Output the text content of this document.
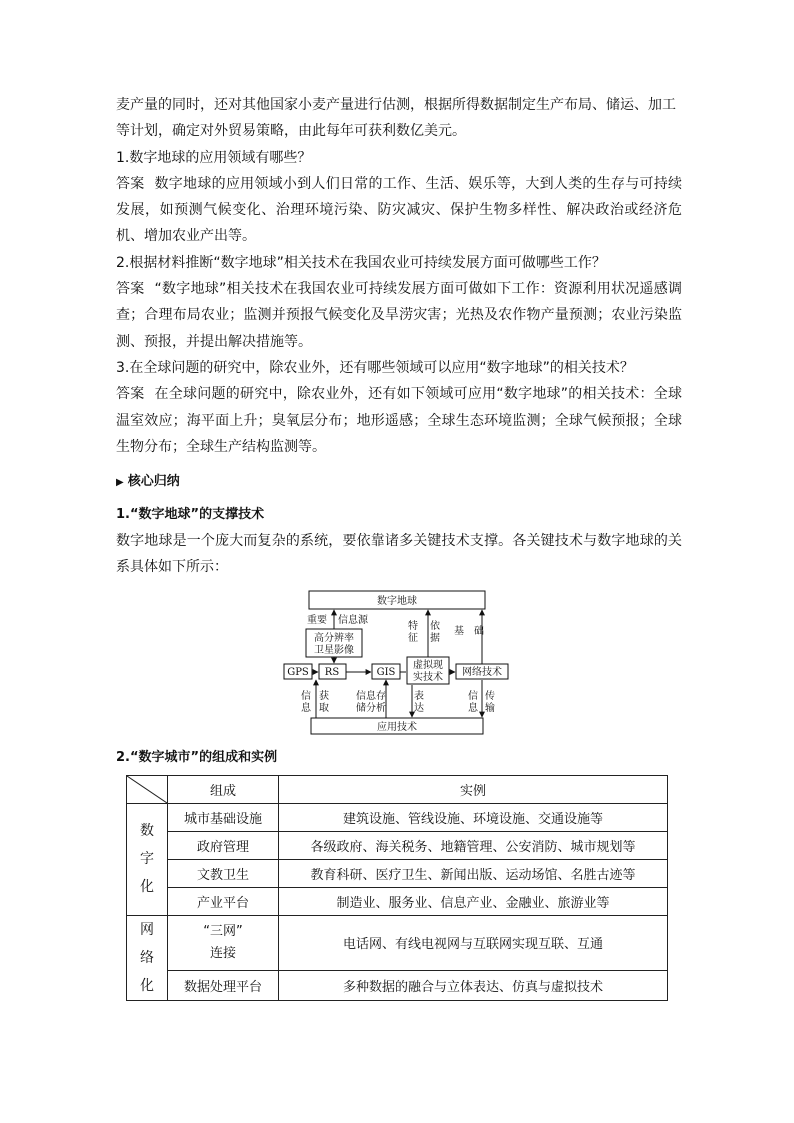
麦产量的同时，还对其他国家小麦产量进行估测，根据所得数据制定生产布局、储运、加工
等计划，确定对外贸易策略，由此每年可获利数亿美元。

1.数字地球的应用领域有哪些？

答案 数字地球的应用领域小到人们日常的工作、生活、娱乐等，大到人类的生存与可持续发展，如预测气候变化、治理环境污染、防灾减灾、保护生物多样性、解决政治或经济危机、增加农业产出等。

2.根据材料推断“数字地球”相关技术在我国农业可持续发展方面可做哪些工作？

答案 “数字地球”相关技术在我国农业可持续发展方面可做如下工作：资源利用状况遥感调查；合理布局农业；监测并预报气候变化及旱涝灾害；光热及农作物产量预测；农业污染监测、预报，并提出解决措施等。

3.在全球问题的研究中，除农业外，还有哪些领域可以应用“数字地球”的相关技术？

答案 在全球问题的研究中，除农业外，还有如下领域可应用“数字地球”的相关技术：全球温室效应；海平面上升；臭氧层分布；地形遥感；全球生态环境监测；全球气候预报；全球生物分布；全球生产结构监测等。

▶ 核心归纳

1.“数字地球”的支撑技术

数字地球是一个庞大而复杂的系统，要依靠诸多关键技术支撑。各关键技术与数字地球的关系具体如下所示：

数字地球
高分辨率
卫星影像
GPS RS	GIS
虚拟现
实技术 网络技术
应用技术
重要 信息源
特
征
依
据
基　础
信
息
获
取
信息存
储分析
表
达
信
息
传
输

2.“数字城市”的组成和实例

	组成	实例
数
字
化	城市基础设施	建筑设施、管线设施、环境设施、交通设施等
	政府管理	各级政府、海关税务、地籍管理、公安消防、城市规划等
	文教卫生	教育科研、医疗卫生、新闻出版、运动场馆、名胜古迹等
	产业平台	制造业、服务业、信息产业、金融业、旅游业等
网
络
化	“三网”
连接	电话网、有线电视网与互联网实现互联、互通
	数据处理平台	多种数据的融合与立体表达、仿真与虚拟技术
